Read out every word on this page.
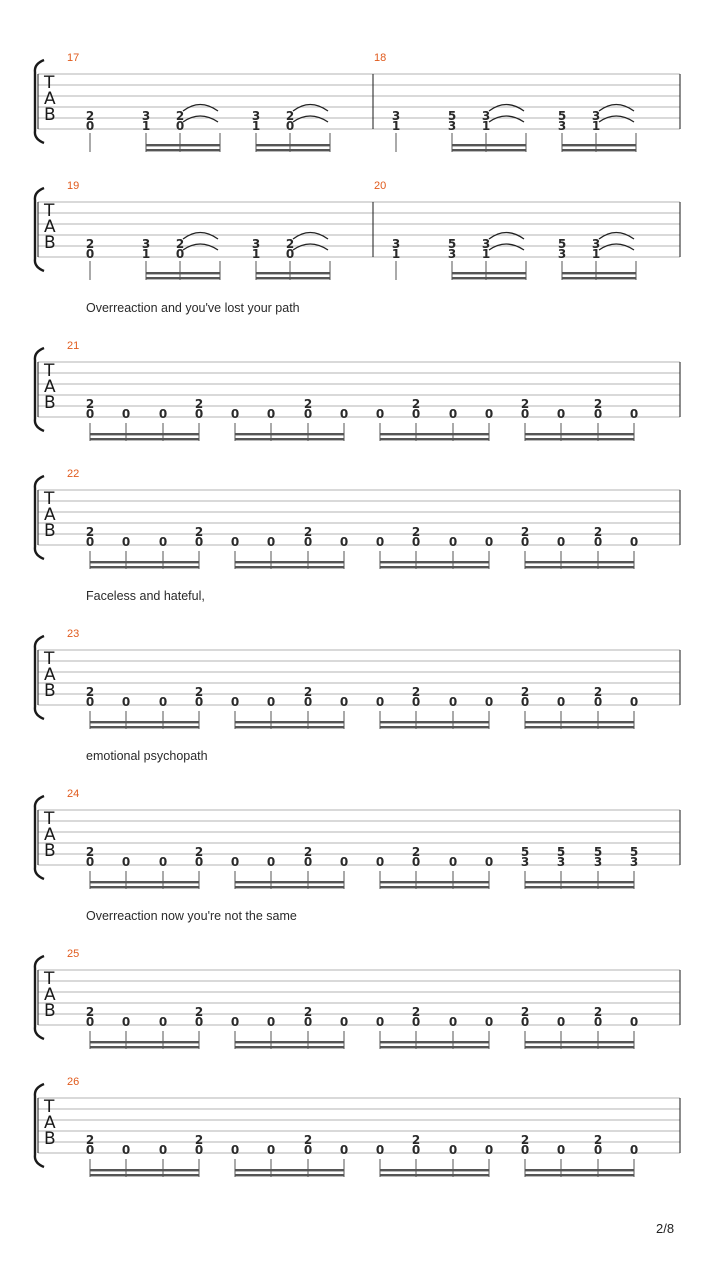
T
A
B
17
2
0
3
1
2
0
3
1
2
0
18
3
1
5
3
3
1
5
3
3
1
T
A
B
19
2
0
3
1
2
0
3
1
2
0
20
3
1
5
3
3
1
5
3
3
1
T
A
B
Overreaction and you've lost your path
21
2
0 0 0
2
0 0 0
2
0 0 0
2
0 0 0
2
0 0
2
0 0
T
A
B
22
2
0 0 0
2
0 0 0
2
0 0 0
2
0 0 0
2
0 0
2
0 0
T
A
B
Faceless and hateful,
23
2
0 0 0
2
0 0 0
2
0 0 0
2
0 0 0
2
0 0
2
0 0
T
A
B
emotional psychopath
24
2
0 0 0
2
0 0 0
2
0 0 0
2
0 0 0
5
3
5
3
5
3
5
3
T
A
B
Overreaction now you're not the same
25
2
0 0 0
2
0 0 0
2
0 0 0
2
0 0 0
2
0 0
2
0 0
T
A
B
26
2
0 0 0
2
0 0 0
2
0 0 0
2
0 0 0
2
0 0
2
0 0
2/8
